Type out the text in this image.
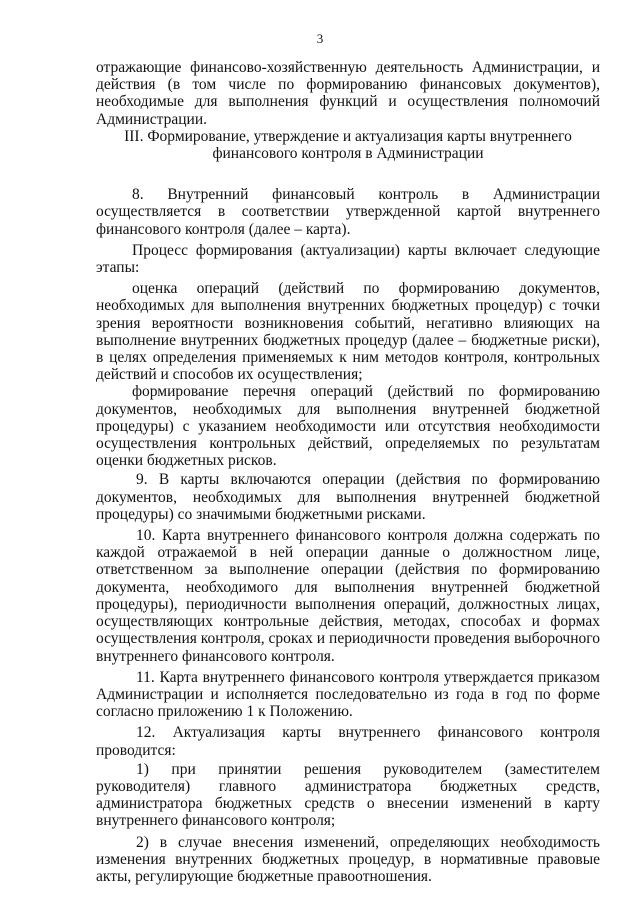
3

отражающие финансово-хозяйственную деятельность Администрации, и действия (в том числе по формированию финансовых документов), необходимые для выполнения функций и осуществления полномочий Администрации.

III. Формирование, утверждение и актуализация карты внутреннего финансового контроля в Администрации

8. Внутренний финансовый контроль в Администрации осуществляется в соответствии утвержденной картой внутреннего финансового контроля (далее – карта).

Процесс формирования (актуализации) карты включает следующие этапы:

оценка операций (действий по формированию документов, необходимых для выполнения внутренних бюджетных процедур) с точки зрения вероятности возникновения событий, негативно влияющих на выполнение внутренних бюджетных процедур (далее – бюджетные риски), в целях определения применяемых к ним методов контроля, контрольных действий и способов их осуществления;

формирование перечня операций (действий по формированию документов, необходимых для выполнения внутренней бюджетной процедуры) с указанием необходимости или отсутствия необходимости осуществления контрольных действий, определяемых по результатам оценки бюджетных рисков.

9. В карты включаются операции (действия по формированию документов, необходимых для выполнения внутренней бюджетной процедуры) со значимыми бюджетными рисками.

10. Карта внутреннего финансового контроля должна содержать по каждой отражаемой в ней операции данные о должностном лице, ответственном за выполнение операции (действия по формированию документа, необходимого для выполнения внутренней бюджетной процедуры), периодичности выполнения операций, должностных лицах, осуществляющих контрольные действия, методах, способах и формах осуществления контроля, сроках и периодичности проведения выборочного внутреннего финансового контроля.

11. Карта внутреннего финансового контроля утверждается приказом Администрации и исполняется последовательно из года в год по форме согласно приложению 1 к Положению.

12. Актуализация карты внутреннего финансового контроля проводится:

1) при принятии решения руководителем (заместителем руководителя) главного администратора бюджетных средств, администратора бюджетных средств о внесении изменений в карту внутреннего финансового контроля;

2) в случае внесения изменений, определяющих необходимость изменения внутренних бюджетных процедур, в нормативные правовые акты, регулирующие бюджетные правоотношения.
